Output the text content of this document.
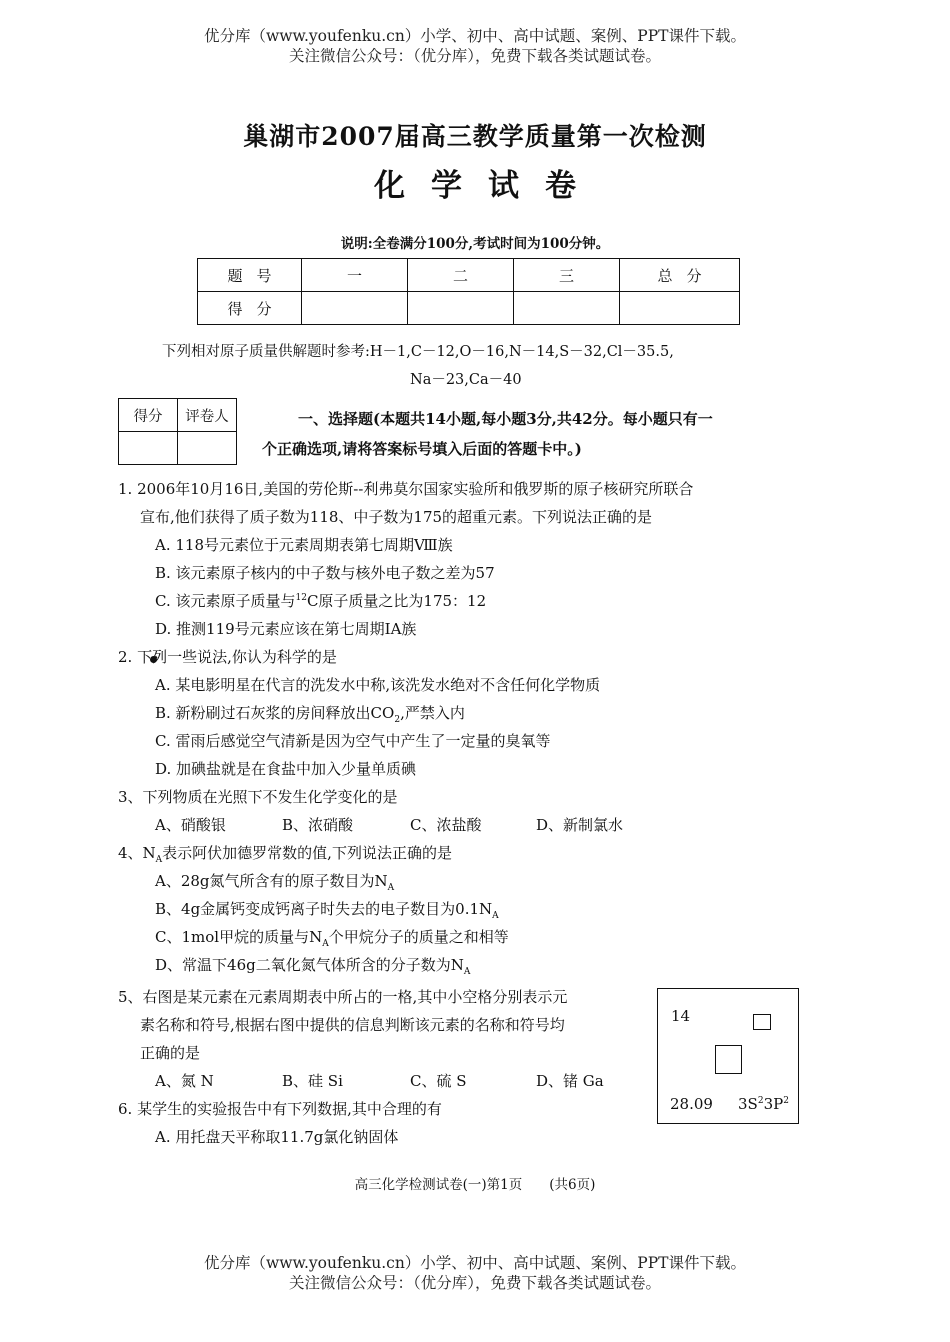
优分库（www.youfenku.cn）小学、初中、高中试题、案例、PPT课件下载。
关注微信公众号：（优分库），免费下载各类试题试卷。
巢湖市2007届高三教学质量第一次检测
化学试卷
说明:全卷满分100分,考试时间为100分钟。
题号	一	二	三	总分
得分				
下列相对原子质量供解题时参考:H－1,C－12,O－16,N－14,S－32,Cl－35.5,
Na－23,Ca－40
得分	评卷人
		一、选择题(本题共14小题,每小题3分,共42分。每小题只有一
个正确选项,请将答案标号填入后面的答题卡中。)
1. 2006年10月16日,美国的劳伦斯--利弗莫尔国家实验所和俄罗斯的原子核研究所联合
宣布,他们获得了质子数为118、中子数为175的超重元素。下列说法正确的是
A. 118号元素位于元素周期表第七周期Ⅷ族
B. 该元素原子核内的中子数与核外电子数之差为57
C. 该元素原子质量与$^{12}$C原子质量之比为175：12
D. 推测119号元素应该在第七周期IA族
2. 下列一些说法,你认为科学的是
A. 某电影明星在代言的洗发水中称,该洗发水绝对不含任何化学物质
B. 新粉刷过石灰浆的房间释放出$CO_2$,严禁入内
C. 雷雨后感觉空气清新是因为空气中产生了一定量的臭氧等
D. 加碘盐就是在食盐中加入少量单质碘
3、下列物质在光照下不发生化学变化的是
A、硝酸银	B、浓硝酸	C、浓盐酸	D、新制氯水
4、$N_A$表示阿伏加德罗常数的值,下列说法正确的是
A、28g氮气所含有的原子数目为$N_A$
B、4g金属钙变成钙离子时失去的电子数目为$0.1N_A$
C、1mol甲烷的质量与$N_A$个甲烷分子的质量之和相等
D、常温下46g二氧化氮气体所含的分子数为$N_A$
5、右图是某元素在元素周期表中所占的一格,其中小空格分别表示元
素名称和符号,根据右图中提供的信息判断该元素的名称和符号均
正确的是
A、氮 N	B、硅 Si	C、硫 S	D、锗 Ga
14
28.09 $3S^23P^2$
6. 某学生的实验报告中有下列数据,其中合理的有
A. 用托盘天平称取11.7g氯化钠固体
高三化学检测试卷(一)第1页　　(共6页)
优分库（www.youfenku.cn）小学、初中、高中试题、案例、PPT课件下载。
关注微信公众号：（优分库），免费下载各类试题试卷。
